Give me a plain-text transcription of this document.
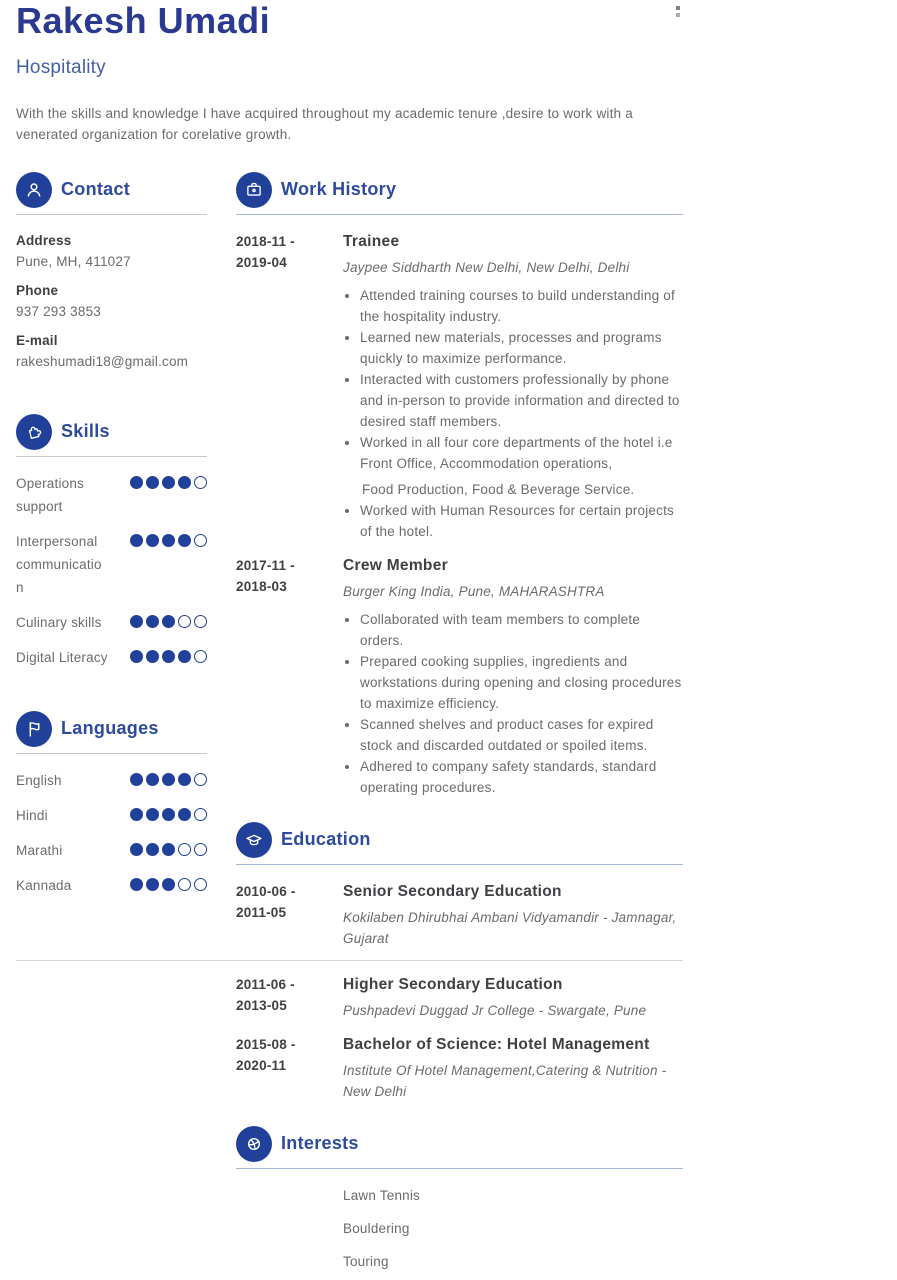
Rakesh Umadi
Hospitality

With the skills and knowledge I have acquired throughout my academic tenure ,desire to work with a venerated organization for corelative growth.

Contact
Address
Pune, MH, 411027
Phone
937 293 3853
E-mail
rakeshumadi18@gmail.com
Skills
Operations support
Interpersonal communication
Culinary skills
Digital Literacy
Languages
English
Hindi
Marathi
Kannada
Work History
2018-11 -
2019-04
Trainee
Jaypee Siddharth New Delhi, New Delhi, Delhi
• Attended training courses to build understanding of the hospitality industry.
• Learned new materials, processes and programs quickly to maximize performance.
• Interacted with customers professionally by phone and in-person to provide information and directed to desired staff members.
• Worked in all four core departments of the hotel i.e Front Office, Accommodation operations,
Food Production, Food & Beverage Service.
• Worked with Human Resources for certain projects of the hotel.
2017-11 -
2018-03
Crew Member
Burger King India, Pune, MAHARASHTRA
• Collaborated with team members to complete orders.
• Prepared cooking supplies, ingredients and workstations during opening and closing procedures to maximize efficiency.
• Scanned shelves and product cases for expired stock and discarded outdated or spoiled items.
• Adhered to company safety standards, standard operating procedures.
Education
2010-06 -
2011-05
Senior Secondary Education
Kokilaben Dhirubhai Ambani Vidyamandir - Jamnagar, Gujarat
2011-06 -
2013-05
Higher Secondary Education
Pushpadevi Duggad Jr College - Swargate, Pune
2015-08 -
2020-11
Bachelor of Science: Hotel Management
Institute Of Hotel Management,Catering & Nutrition - New Delhi
Interests
Lawn Tennis
Bouldering
Touring
